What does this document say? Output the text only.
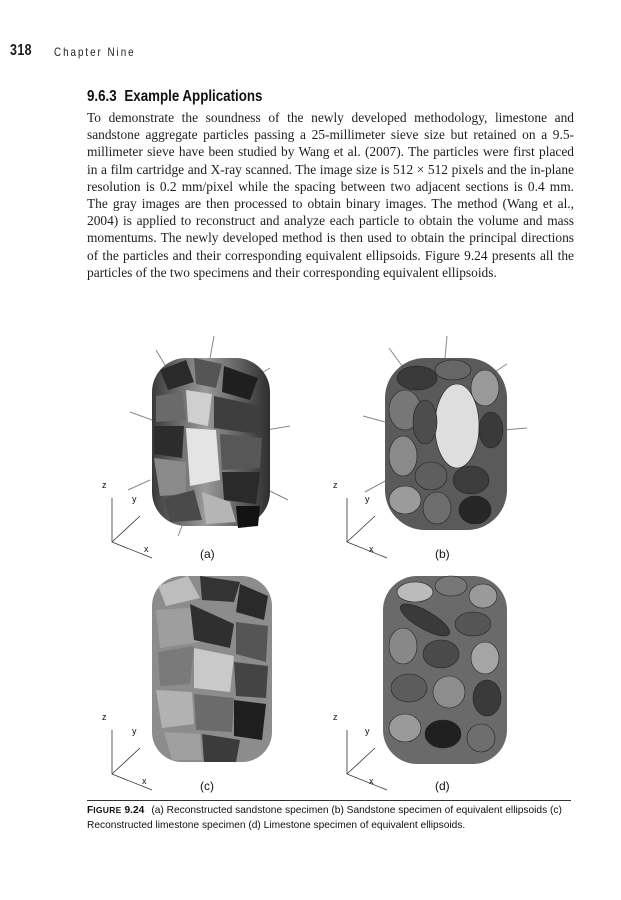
318 Chapter Nine
9.6.3 Example Applications

To demonstrate the soundness of the newly developed methodology, limestone and sandstone aggregate particles passing a 25-millimeter sieve size but retained on a 9.5-millimeter sieve have been studied by Wang et al. (2007). The particles were first placed in a film cartridge and X-ray scanned. The image size is 512 × 512 pixels and the in-plane resolution is 0.2 mm/pixel while the spacing between two adjacent sections is 0.4 mm. The gray images are then processed to obtain binary images. The method (Wang et al., 2004) is applied to reconstruct and analyze each particle to obtain the volume and mass momentums. The newly developed method is then used to obtain the principal directions of the particles and their corresponding equivalent ellipsoids. Figure 9.24 presents all the particles of the two specimens and their corresponding equivalent ellipsoids.

z
y
x	(a)
z
y
x	(b)
z
y
x	(c)
z
y
x	(d)
FIGURE 9.24 (a) Reconstructed sandstone specimen (b) Sandstone specimen of equivalent ellipsoids (c) Reconstructed limestone specimen (d) Limestone specimen of equivalent ellipsoids.
